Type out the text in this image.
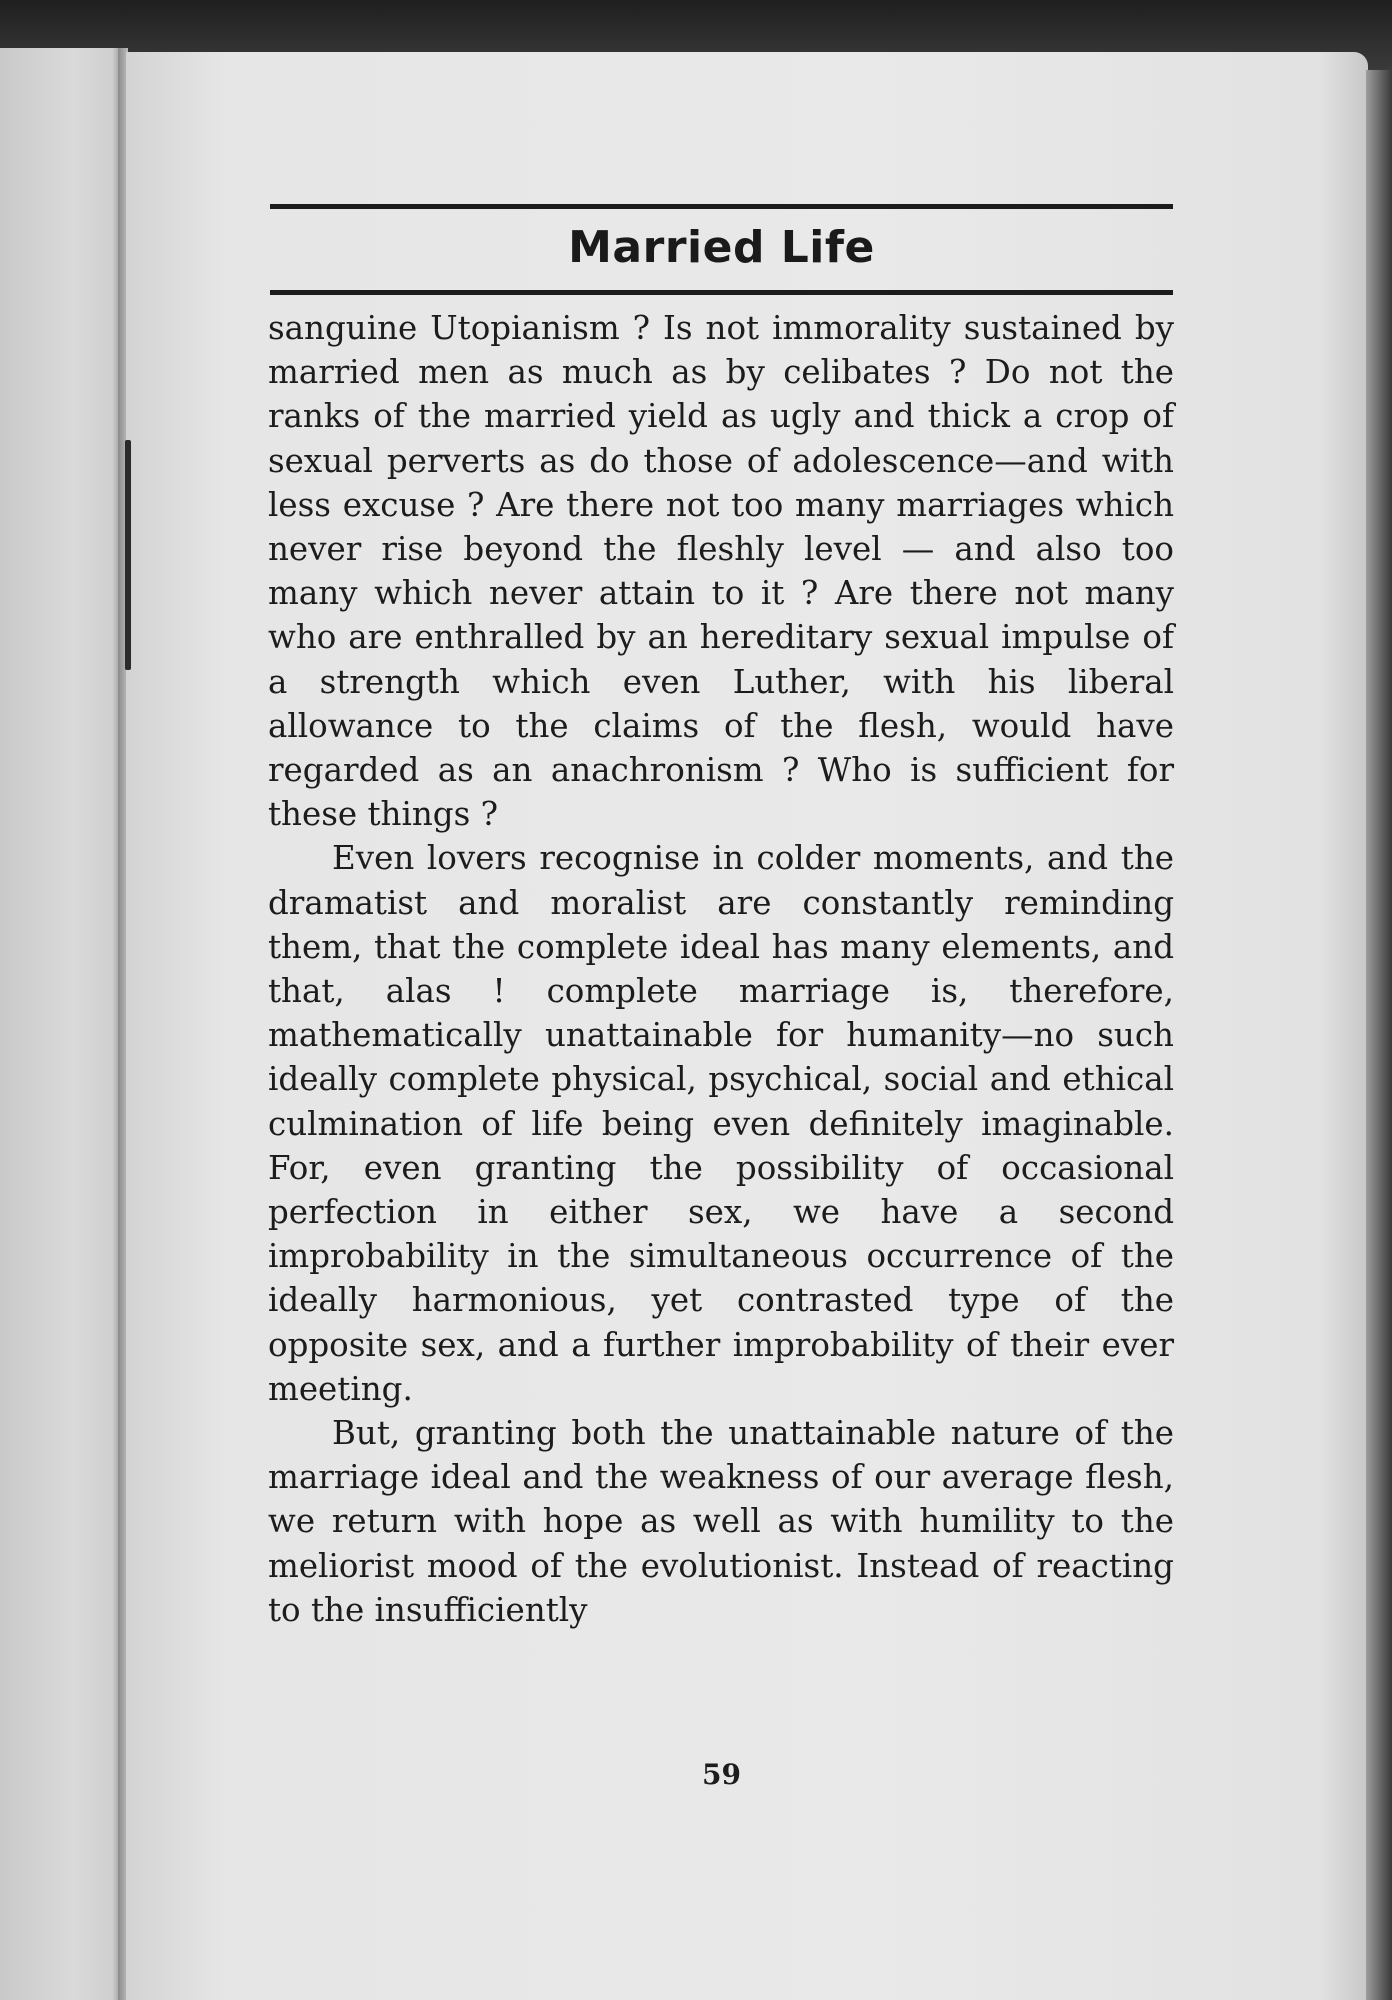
Married Life

sanguine Utopianism ? Is not immorality sustained by married men as much as by celibates ? Do not the ranks of the married yield as ugly and thick a crop of sexual perverts as do those of adolescence—and with less excuse ? Are there not too many marriages which never rise beyond the fleshly level — and also too many which never attain to it ? Are there not many who are enthralled by an hereditary sexual impulse of a strength which even Luther, with his liberal allowance to the claims of the flesh, would have regarded as an anachronism ? Who is sufficient for these things ?

Even lovers recognise in colder moments, and the dramatist and moralist are constantly reminding them, that the complete ideal has many elements, and that, alas ! complete marriage is, therefore, mathematically unattainable for humanity—no such ideally complete physical, psychical, social and ethical culmination of life being even definitely imaginable. For, even granting the possibility of occasional perfection in either sex, we have a second improbability in the simultaneous occurrence of the ideally harmonious, yet contrasted type of the opposite sex, and a further improbability of their ever meeting.

But, granting both the unattainable nature of the marriage ideal and the weakness of our average flesh, we return with hope as well as with humility to the meliorist mood of the evolutionist. Instead of reacting to the insufficiently

59
